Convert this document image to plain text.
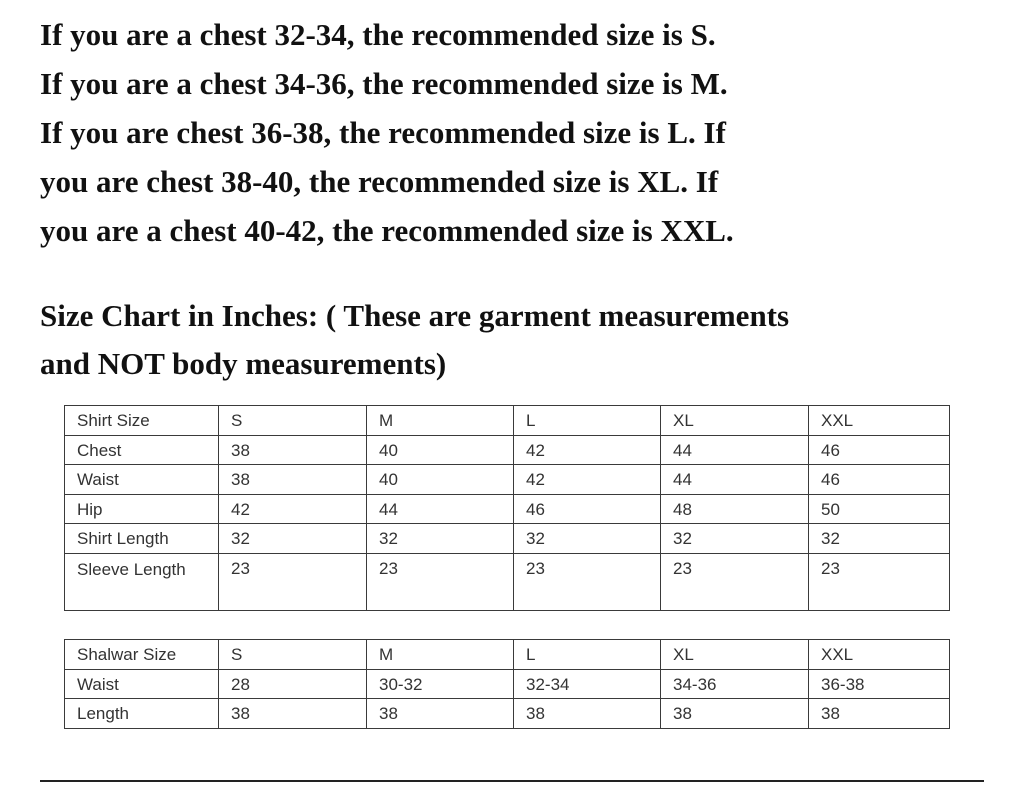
If you are a chest 32-34, the recommended size is S.
If you are a chest 34-36, the recommended size is M.
If you are chest 36-38, the recommended size is L. If
you are chest 38-40, the recommended size is XL. If
you are a chest 40-42, the recommended size is XXL.

Size Chart in Inches: ( These are garment measurements
and NOT body measurements)

Shirt Size	S	M	L	XL	XXL
Chest	38	40	42	44	46
Waist	38	40	42	44	46
Hip	42	44	46	48	50
Shirt Length	32	32	32	32	32
Sleeve Length	23	23	23	23	23
Shalwar Size	S	M	L	XL	XXL
Waist	28	30-32	32-34	34-36	36-38
Length	38	38	38	38	38
